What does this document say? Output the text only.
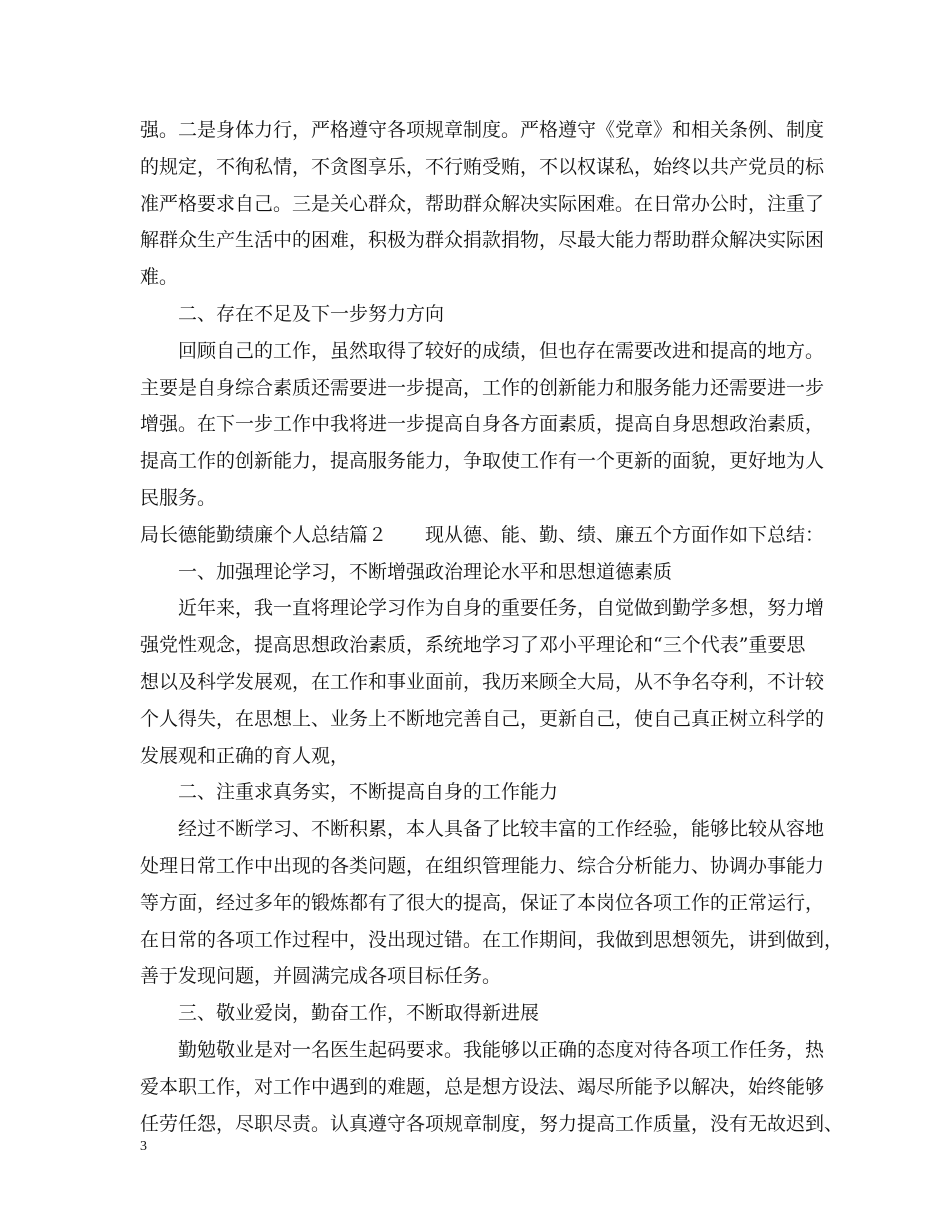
强。二是身体力行，严格遵守各项规章制度。严格遵守《党章》和相关条例、制度
的规定，不徇私情，不贪图享乐，不行贿受贿，不以权谋私，始终以共产党员的标
准严格要求自己。三是关心群众，帮助群众解决实际困难。在日常办公时，注重了
解群众生产生活中的困难，积极为群众捐款捐物，尽最大能力帮助群众解决实际困
难。
二、存在不足及下一步努力方向
回顾自己的工作，虽然取得了较好的成绩，但也存在需要改进和提高的地方。
主要是自身综合素质还需要进一步提高，工作的创新能力和服务能力还需要进一步
增强。在下一步工作中我将进一步提高自身各方面素质，提高自身思想政治素质，
提高工作的创新能力，提高服务能力，争取使工作有一个更新的面貌，更好地为人
民服务。
局长德能勤绩廉个人总结篇２　　现从德、能、勤、绩、廉五个方面作如下总结：
一、加强理论学习，不断增强政治理论水平和思想道德素质
近年来，我一直将理论学习作为自身的重要任务，自觉做到勤学多想，努力增
强党性观念，提高思想政治素质，系统地学习了邓小平理论和“三个代表”重要思
想以及科学发展观，在工作和事业面前，我历来顾全大局，从不争名夺利，不计较
个人得失，在思想上、业务上不断地完善自己，更新自己，使自己真正树立科学的
发展观和正确的育人观，
二、注重求真务实，不断提高自身的工作能力
经过不断学习、不断积累，本人具备了比较丰富的工作经验，能够比较从容地
处理日常工作中出现的各类问题，在组织管理能力、综合分析能力、协调办事能力
等方面，经过多年的锻炼都有了很大的提高，保证了本岗位各项工作的正常运行，
在日常的各项工作过程中，没出现过错。在工作期间，我做到思想领先，讲到做到，
善于发现问题，并圆满完成各项目标任务。
三、敬业爱岗，勤奋工作，不断取得新进展
勤勉敬业是对一名医生起码要求。我能够以正确的态度对待各项工作任务，热
爱本职工作，对工作中遇到的难题，总是想方设法、竭尽所能予以解决，始终能够
任劳任怨，尽职尽责。认真遵守各项规章制度，努力提高工作质量，没有无故迟到、
3
